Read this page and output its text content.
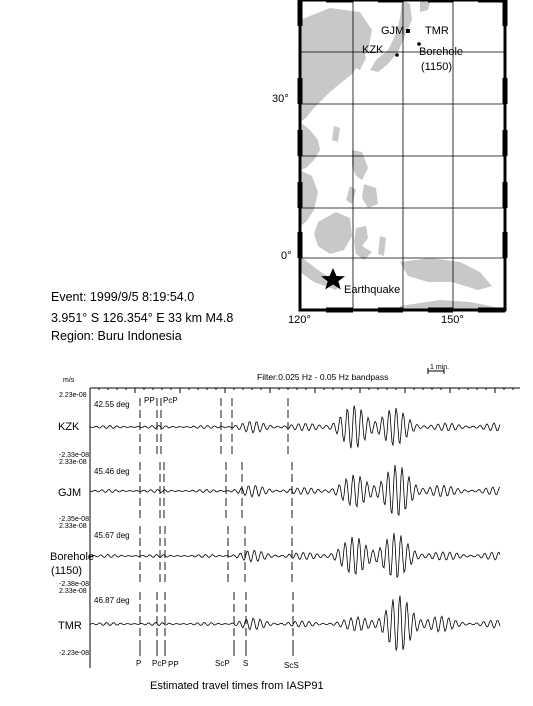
GJM TMR
KZK	Borehole
(1150)
30°
0°
120°	150°
Earthquake
Event: 1999/9/5 8:19:54.0
3.951° S 126.354° E 33 km M4.8
Region: Buru Indonesia
m/s	Filter:0.025 Hz - 0.05 Hz bandpass
1 min.
PP PcP
2.23e-08
42.55 deg
KZK
-2.33e-08
2.33e-08
45.46 deg
GJM
-2.35e-08
2.33e-08
45.67 deg
Borehole
(1150)
-2.38e-08
2.33e-08
46.87 deg
TMR
-2.23e-08
P PcP PP	ScP S	ScS
Estimated travel times from IASP91
